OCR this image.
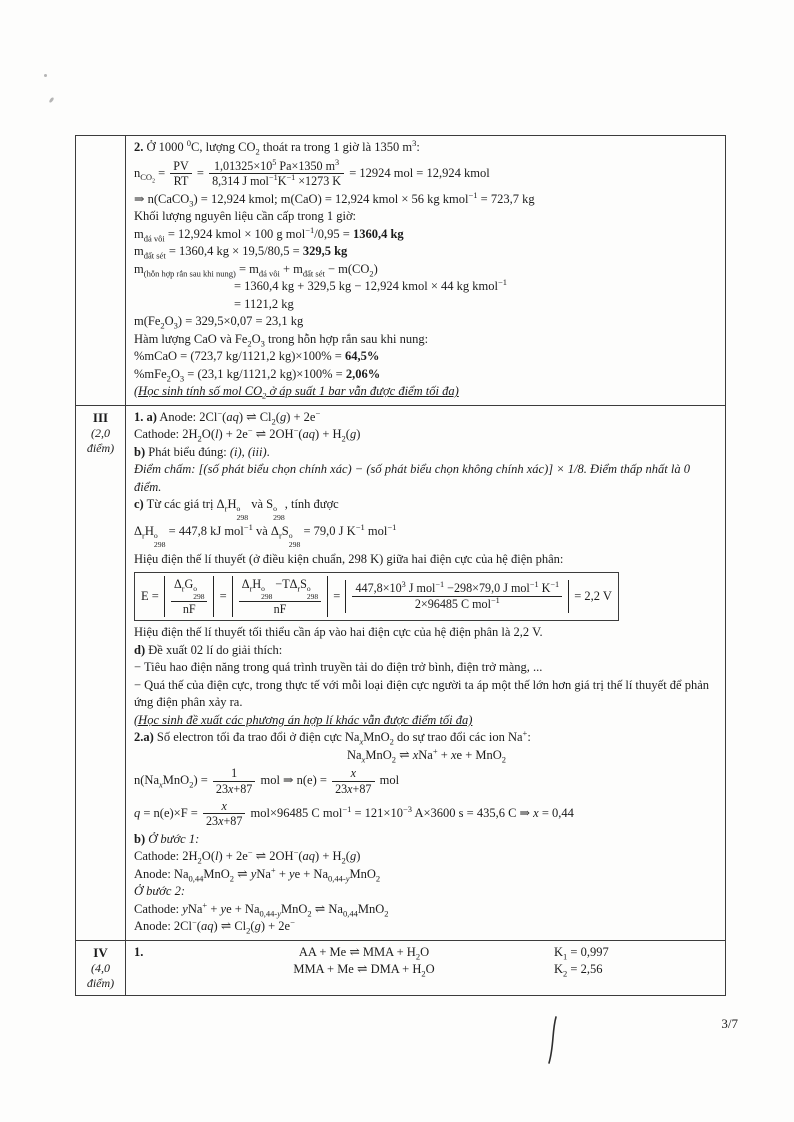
2. Ở 1000 $^0$C, lượng $CO_2$ thoát ra trong 1 giờ là 1350 $m^3$:
$n_{CO_2} = \frac{PV}{RT} = \frac{1,01325\times 10^5 Pa\times 1350 m^3}{8,314 J mol^{-1}K^{-1} \times 1273 K} = 12924$ mol = 12,924 kmol
⇒ n(CaCO$_3$) = 12,924 kmol; m(CaO) = 12,924 kmol × 56 kg kmol$^{-1}$ = 723,7 kg
Khối lượng nguyên liệu cần cấp trong 1 giờ:
$m_{đá vôi} = 12,924$ kmol × 100 g mol$^{-1}$/0,95 = 1360,4 kg
$m_{đất sét} = 1360,4$ kg × 19,5/80,5 = 329,5 kg
$m_{(hỗn hợp rắn sau khi nung)} = m_{đá vôi} + m_{đất sét} - m(CO_2)$
= 1360,4 kg + 329,5 kg − 12,924 kmol × 44 kg kmol$^{-1}$
= 1121,2 kg
$m(Fe_2O_3) = 329,5\times 0,07 = 23,1$ kg
Hàm lượng CaO và $Fe_2O_3$ trong hỗn hợp rắn sau khi nung:
%mCaO = (723,7 kg/1121,2 kg)×100% = 64,5%
$\%mFe_2O_3 = (23,1$ kg/1121,2 kg)×100% = 2,06%
(Học sinh tính số mol $CO_2$ ở áp suất 1 bar vẫn được điểm tối đa)
III
(2,0 điểm)
1. a) Anode: 2Cl−(aq) ⇌ $Cl_2(g) + 2e^-$
Cathode: $2H_2O(l) + 2e^-$ ⇌ $2OH^-(aq) + H_2(g)$
b) Phát biểu đúng: (i), (iii).
Điểm chấm: [(số phát biểu chọn chính xác) − (số phát biểu chọn không chính xác)] × 1/8. Điểm thấp nhất là 0 điểm.
c) Từ các giá trị $\Delta_rH$ o
298
và S o
298
, tính được
$\Delta_rH$ o
298
= 447,8 kJ mol$^{-1}$ và $\Delta_rS$ o
298
= 79,0 J $K^{-1}$ mol$^{-1}$
Hiệu điện thế lí thuyết (ở điều kiện chuẩn, 298 K) giữa hai điện cực của hệ điện phân:
$E = \Delta_rG$ o
298
nF = $\Delta_rH$ o
298
$-T\Delta_rS$ o
298
nF = $\frac{447,8\times 10^3 J mol^{-1} -298\times 79,0 J mol^{-1} K^{-1}}{2\times 96485 C mol^{-1}} = 2,2$ V
Hiệu điện thế lí thuyết tối thiểu cần áp vào hai điện cực của hệ điện phân là 2,2 V.
d) Đề xuất 02 lí do giải thích:
− Tiêu hao điện năng trong quá trình truyền tải do điện trở bình, điện trở màng, ...
− Quá thế của điện cực, trong thực tế với mỗi loại điện cực người ta áp một thế lớn hơn giá trị thế lí thuyết để phản ứng điện phân xảy ra.
(Học sinh đề xuất các phương án hợp lí khác vẫn được điểm tối đa)
2.a) Số electron tối đa trao đổi ở điện cực $Na_xMnO_2$ do sự trao đổi các ion Na+:
$Na_xMnO_2$ ⇌ xNa+ + xe + MnO$_2$
$n(Na_xMnO_2) = \frac{1}{23x+87}$ mol ⇒ $n(e) = \frac{x}{23x+87}$ mol
$q = n(e)\times F = \frac{x}{23x+87} mol\times 96485$ C $mol^{-1} = 121\times 10^{-3}$ A×3600 s = 435,6 C ⇒ x = 0,44
b) Ở bước 1:
Cathode: $2H_2O(l) + 2e^-$ ⇌ $2OH^-(aq) + H_2(g)$
Anode: $Na_{0,44}MnO_2$ ⇌ yNa+ + ye + $Na_{0,44-y}MnO_2$
Ở bước 2:
Cathode: yNa+ + ye + $Na_{0,44-y}MnO_2$ ⇌ $Na_{0,44}MnO_2$
Anode: 2Cl−(aq) ⇌ $Cl_2(g) + 2e^-$
IV
(4,0 điểm)
1.	AA + Me ⇌ MMA + $H_2O$	$K_1 = 0,997$
MMA + Me ⇌ DMA + $H_2O$	$K_2 = 2,56$
3/7
